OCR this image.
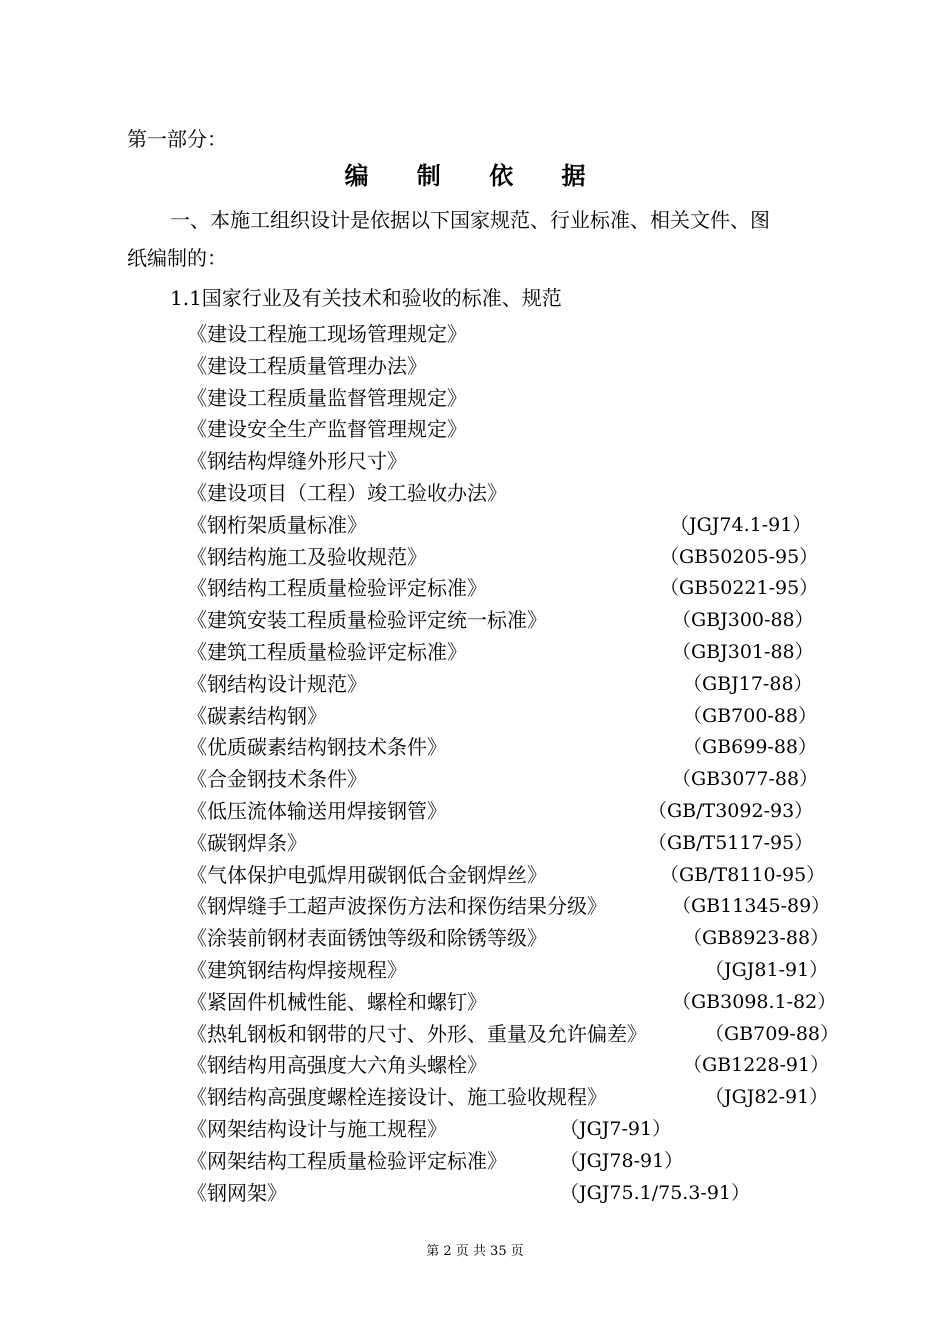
第一部分：
编 制 依 据
一、本施工组织设计是依据以下国家规范、行业标准、相关文件、图
纸编制的：
1.1国家行业及有关技术和验收的标准、规范
《建设工程施工现场管理规定》
《建设工程质量管理办法》
《建设工程质量监督管理规定》
《建设安全生产监督管理规定》
《钢结构焊缝外形尺寸》
《建设项目（工程）竣工验收办法》
《钢桁架质量标准》	（JGJ74.1-91）
《钢结构施工及验收规范》	（GB50205-95）
《钢结构工程质量检验评定标准》	（GB50221-95）
《建筑安装工程质量检验评定统一标准》	（GBJ300-88）
《建筑工程质量检验评定标准》	（GBJ301-88）
《钢结构设计规范》	（GBJ17-88）
《碳素结构钢》	（GB700-88）
《优质碳素结构钢技术条件》	（GB699-88）
《合金钢技术条件》	（GB3077-88）
《低压流体输送用焊接钢管》	（GB/T3092-93）
《碳钢焊条》	（GB/T5117-95）
《气体保护电弧焊用碳钢低合金钢焊丝》	（GB/T8110-95）
《钢焊缝手工超声波探伤方法和探伤结果分级》	（GB11345-89）
《涂装前钢材表面锈蚀等级和除锈等级》	（GB8923-88）
《建筑钢结构焊接规程》	（JGJ81-91）
《紧固件机械性能、螺栓和螺钉》	（GB3098.1-82）
《热轧钢板和钢带的尺寸、外形、重量及允许偏差》	（GB709-88）
《钢结构用高强度大六角头螺栓》	（GB1228-91）
《钢结构高强度螺栓连接设计、施工验收规程》	（JGJ82-91）
《网架结构设计与施工规程》	（JGJ7-91）
《网架结构工程质量检验评定标准》	（JGJ78-91）
《钢网架》	（JGJ75.1/75.3-91）
第 2 页 共 35 页
